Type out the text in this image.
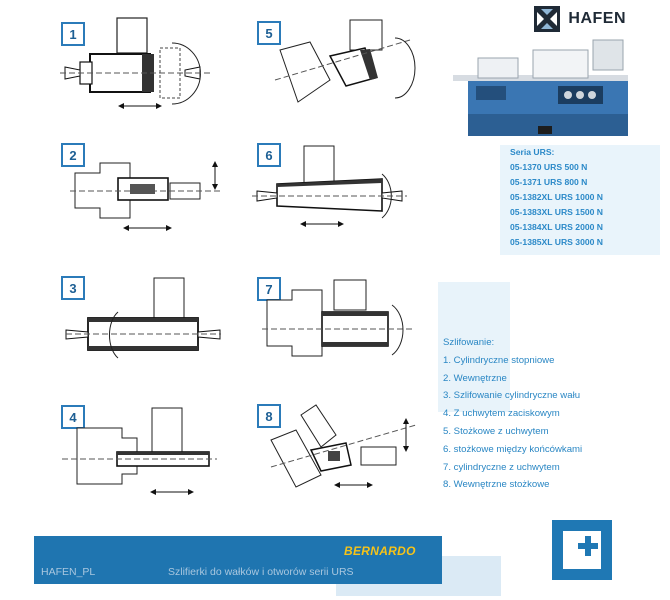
1	5
2	6
3	7
4	8
HAFEN

Seria URS:

05-1370 URS 500 N

05-1371 URS 800 N

05-1382XL URS 1000 N

05-1383XL URS 1500 N

05-1384XL URS 2000 N

05-1385XL URS 3000 N

Szlifowanie:

1. Cylindryczne stopniowe

2. Wewnętrzne

3. Szlifowanie cylindryczne wału

4. Z uchwytem zaciskowym

5. Stożkowe z uchwytem

6. stożkowe między końcówkami

7. cylindryczne z uchwytem

8. Wewnętrzne stożkowe

BERNARDO
HAFEN_PL	Szlifierki do wałków i otworów serii URS
